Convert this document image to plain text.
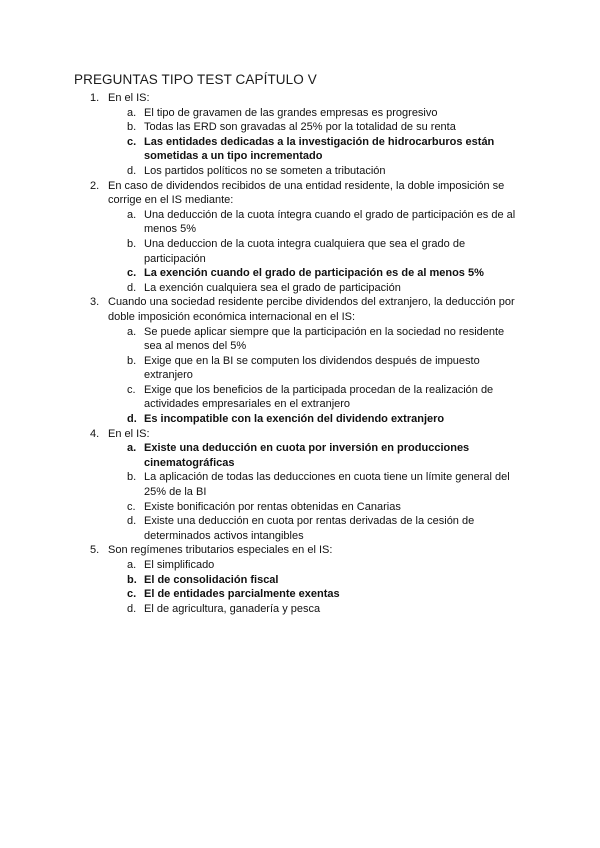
PREGUNTAS TIPO TEST CAPÍTULO V
1. En el IS:
a. El tipo de gravamen de las grandes empresas es progresivo
b. Todas las ERD son gravadas al 25% por la totalidad de su renta
c. Las entidades dedicadas a la investigación de hidrocarburos están sometidas a un tipo incrementado
d. Los partidos políticos no se someten a tributación
2. En caso de dividendos recibidos de una entidad residente, la doble imposición se corrige en el IS mediante:
a. Una deducción de la cuota íntegra cuando el grado de participación es de al menos 5%
b. Una deduccion de la cuota integra cualquiera que sea el grado de participación
c. La exención cuando el grado de participación es de al menos 5%
d. La exención cualquiera sea el grado de participación
3. Cuando una sociedad residente percibe dividendos del extranjero, la deducción por doble imposición económica internacional en el IS:
a. Se puede aplicar siempre que la participación en la sociedad no residente sea al menos del 5%
b. Exige que en la BI se computen los dividendos después de impuesto extranjero
c. Exige que los beneficios de la participada procedan de la realización de actividades empresariales en el extranjero
d. Es incompatible con la exención del dividendo extranjero
4. En el IS:
a. Existe una deducción en cuota por inversión en producciones cinematográficas
b. La aplicación de todas las deducciones en cuota tiene un límite general del 25% de la BI
c. Existe bonificación por rentas obtenidas en Canarias
d. Existe una deducción en cuota por rentas derivadas de la cesión de determinados activos intangibles
5. Son regímenes tributarios especiales en el IS:
a. El simplificado
b. El de consolidación fiscal
c. El de entidades parcialmente exentas
d. El de agricultura, ganadería y pesca
